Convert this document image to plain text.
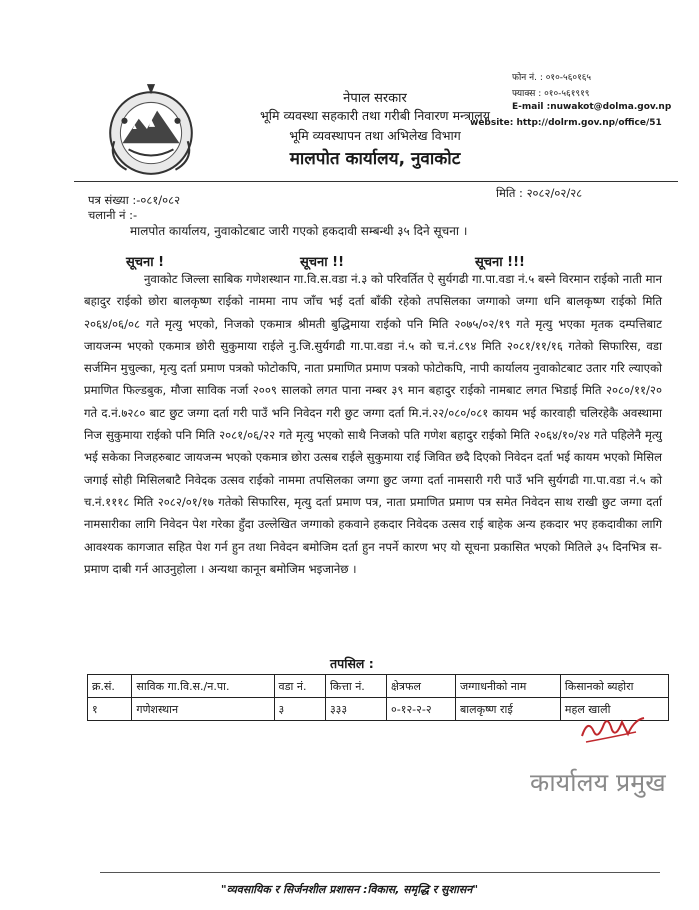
नेपाल सरकार
भूमि व्यवस्था सहकारी तथा गरीबी निवारण मन्त्रालय
भूमि व्यवस्थापन तथा अभिलेख विभाग
मालपोत कार्यालय, नुवाकोट
फोन नं. : ०१०-५६०१६५
फ्याक्स : ०१०-५६१९१९
E-mail :nuwakot@dolma.gov.np
website: http://dolrm.gov.np/office/51
पत्र संख्या :-०८१/०८२
चलानी नं :-
मिति : २०८२/०२/२८
मालपोत कार्यालय, नुवाकोटबाट जारी गएको हकदावी सम्बन्धी ३५ दिने सूचना ।
सूचना !	सूचना !!	सूचना !!!
नुवाकोट जिल्ला साबिक गणेशस्थान गा.वि.स.वडा नं.३ को परिवर्तित ऐ सुर्यगढी गा.पा.वडा नं.५ बस्ने विरमान राईको नाती मान बहादुर राईको छोरा बालकृष्ण राईको नाममा नाप जाँच भई दर्ता बाँकी रहेको तपसिलका जग्गाको जग्गा धनि बालकृष्ण राईको मिति २०६४/०६/०८ गते मृत्यु भएको, निजको एकमात्र श्रीमती बुद्धिमाया राईको पनि मिति २०७५/०२/१९ गते मृत्यु भएका मृतक दम्पत्तिबाट जायजन्म भएको एकमात्र छोरी सुकुमाया राईले नु.जि.सुर्यगढी गा.पा.वडा नं.५ को च.नं.८९४ मिति २०८१/११/१६ गतेको सिफारिस, वडा सर्जमिन मुचुल्का, मृत्यु दर्ता प्रमाण पत्रको फोटोकपि, नाता प्रमाणित प्रमाण पत्रको फोटोकपि, नापी कार्यालय नुवाकोटबाट उतार गरि ल्याएको प्रमाणित फिल्डबुक, मौजा साविक नर्जा २००९ सालको लगत पाना नम्बर ३९ मान बहादुर राईको नामबाट लगत भिडाई मिति २०८०/११/२० गते द.नं.७२८० बाट छुट जग्गा दर्ता गरी पाउँ भनि निवेदन गरी छुट जग्गा दर्ता मि.नं.२२/०८०/०८१ कायम भई कारवाही चलिरहेकै अवस्थामा निज सुकुमाया राईको पनि मिति २०८१/०६/२२ गते मृत्यु भएको साथै निजको पति गणेश बहादुर राईको मिति २०६४/१०/२४ गते पहिलेनै मृत्यु भई सकेका निजहरुबाट जायजन्म भएको एकमात्र छोरा उत्सब राईले सुकुमाया राई जिवित छदै दिएको निवेदन दर्ता भई कायम भएको मिसिल जगाई सोही मिसिलबाटै निवेदक उत्सव राईको नाममा तपसिलका जग्गा छुट जग्गा दर्ता नामसारी गरी पाउँ भनि सुर्यगढी गा.पा.वडा नं.५ को च.नं.१११८ मिति २०८२/०१/१७ गतेको सिफारिस, मृत्यु दर्ता प्रमाण पत्र, नाता प्रमाणित प्रमाण पत्र समेत निवेदन साथ राखी छुट जग्गा दर्ता नामसारीका लागि निवेदन पेश गरेका हुँदा उल्लेखित जग्गाको हकवाने हकदार निवेदक उत्सव राई बाहेक अन्य हकदार भए हकदावीका लागि आवश्यक कागजात सहित पेश गर्न हुन तथा निवेदन बमोजिम दर्ता हुन नपर्ने कारण भए यो सूचना प्रकासित भएको मितिले ३५ दिनभित्र स-प्रमाण दाबी गर्न आउनुहोला । अन्यथा कानून बमोजिम भइजानेछ ।
तपसिल :
क्र.सं.	साविक गा.वि.स./न.पा.	वडा नं.	कित्ता नं.	क्षेत्रफल	जग्गाधनीको नाम	किसानको ब्यहोरा
१	गणेशस्थान	३	३३३	०-१२-२-२	बालकृष्ण राई	महल खाली
कार्यालय प्रमुख
"व्यवसायिक र सिर्जनशील प्रशासन :विकास, समृद्धि र सुशासन"
